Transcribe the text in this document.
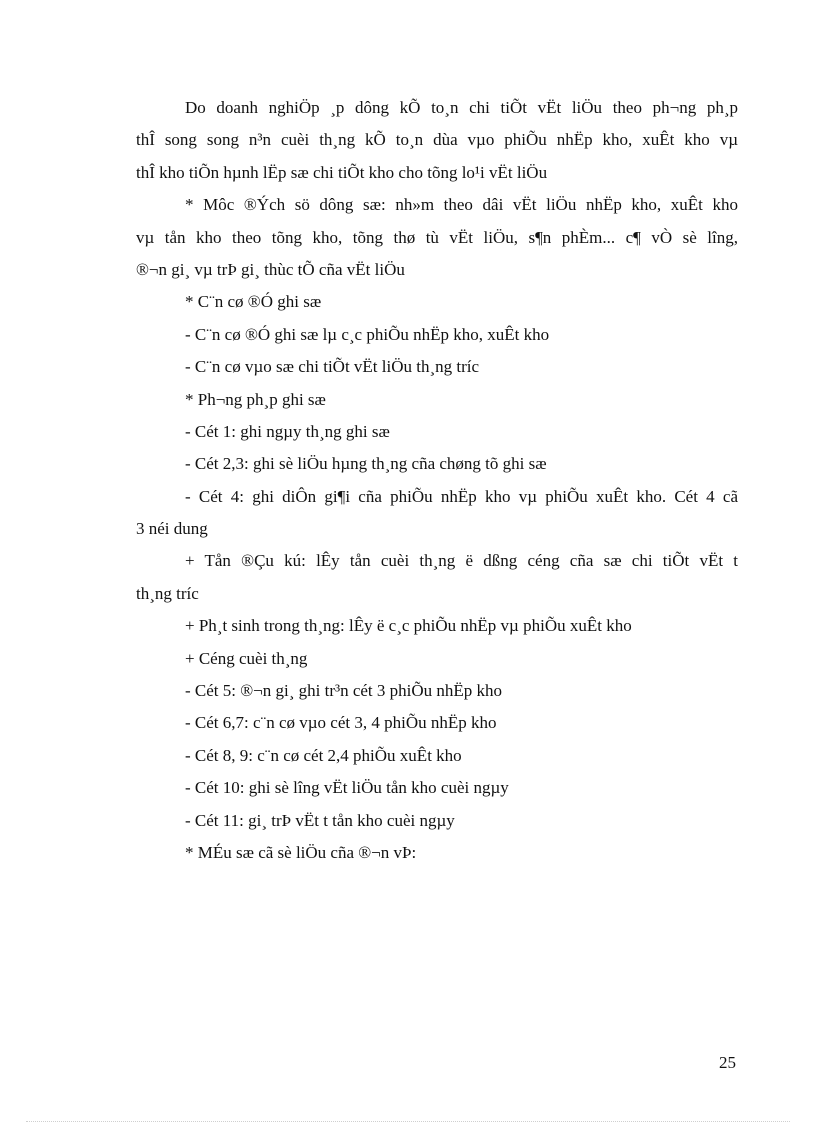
Do doanh nghiÖp ¸p dông kÕ to¸n chi tiÕt vËt liÖu theo ph¬ng ph¸p
thÎ song song n³n cuèi th¸ng kÕ to¸n dùa vµo phiÕu nhËp kho, xuÊt kho vµ
thÎ kho tiÕn hµnh lËp sæ chi tiÕt kho cho tõng lo¹i vËt liÖu
* Môc ®Ých sö dông sæ: nh»m theo dâi vËt liÖu nhËp kho, xuÊt kho
vµ tån kho theo tõng kho, tõng thø tù vËt liÖu, s¶n phÈm... c¶ vÒ sè lîng,
®¬n gi¸ vµ trÞ gi¸ thùc tÕ cña vËt liÖu
* C¨n cø ®Ó ghi sæ
- C¨n cø ®Ó ghi sæ lµ c¸c phiÕu nhËp kho, xuÊt kho
- C¨n cø vµo sæ chi tiÕt vËt liÖu th¸ng tríc
* Ph¬ng ph¸p ghi sæ
- Cét 1: ghi ngµy th¸ng ghi sæ
- Cét 2,3: ghi sè liÖu hµng th¸ng cña chøng tõ ghi sæ
- Cét 4: ghi diÔn gi¶i cña phiÕu nhËp kho vµ phiÕu xuÊt kho. Cét 4 cã
3 néi dung
+ Tån ®Çu kú: lÊy tån cuèi th¸ng ë dßng céng cña sæ chi tiÕt vËt t
th¸ng tríc
+ Ph¸t sinh trong th¸ng: lÊy ë c¸c phiÕu nhËp vµ phiÕu xuÊt kho
+ Céng cuèi th¸ng
- Cét 5: ®¬n gi¸ ghi tr³n cét 3 phiÕu nhËp kho
- Cét 6,7: c¨n cø vµo cét 3, 4 phiÕu nhËp kho
- Cét 8, 9: c¨n cø cét 2,4 phiÕu xuÊt kho
- Cét 10: ghi sè lîng vËt liÖu tån kho cuèi ngµy
- Cét 11: gi¸ trÞ vËt t tån kho cuèi ngµy
* MÉu sæ cã sè liÖu cña ®¬n vÞ:
25
